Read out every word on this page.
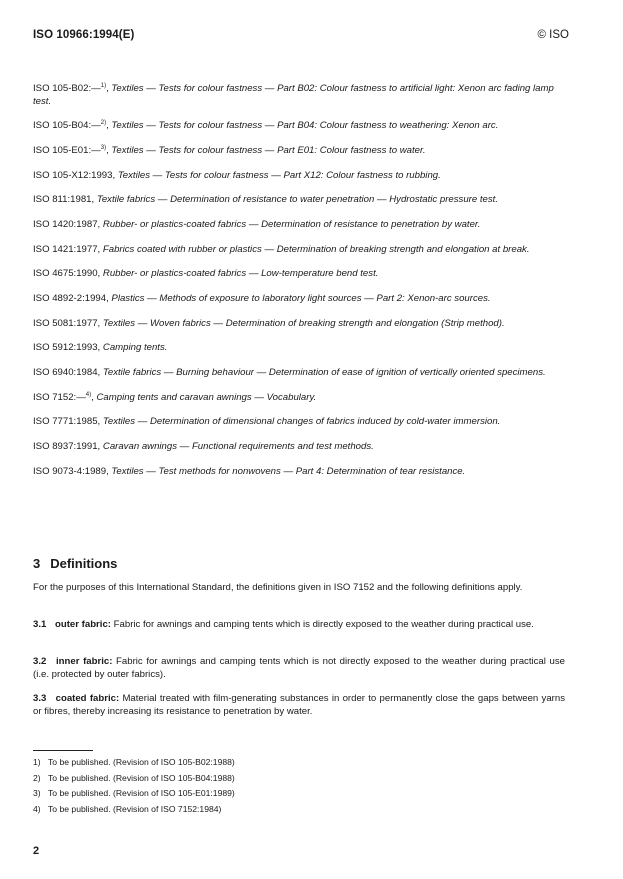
ISO 10966:1994(E)	© ISO

ISO 105-B02:—$^{1)}$, Textiles — Tests for colour fastness — Part B02: Colour fastness to artificial light: Xenon arc fading lamp test.

ISO 105-B04:—$^{2)}$, Textiles — Tests for colour fastness — Part B04: Colour fastness to weathering: Xenon arc.

ISO 105-E01:—$^{3)}$, Textiles — Tests for colour fastness — Part E01: Colour fastness to water.

ISO 105-X12:1993, Textiles — Tests for colour fastness — Part X12: Colour fastness to rubbing.

ISO 811:1981, Textile fabrics — Determination of resistance to water penetration — Hydrostatic pressure test.

ISO 1420:1987, Rubber- or plastics-coated fabrics — Determination of resistance to penetration by water.

ISO 1421:1977, Fabrics coated with rubber or plastics — Determination of breaking strength and elongation at break.

ISO 4675:1990, Rubber- or plastics-coated fabrics — Low-temperature bend test.

ISO 4892-2:1994, Plastics — Methods of exposure to laboratory light sources — Part 2: Xenon-arc sources.

ISO 5081:1977, Textiles — Woven fabrics — Determination of breaking strength and elongation (Strip method).

ISO 5912:1993, Camping tents.

ISO 6940:1984, Textile fabrics — Burning behaviour — Determination of ease of ignition of vertically oriented specimens.

ISO 7152:—$^{4)}$, Camping tents and caravan awnings — Vocabulary.

ISO 7771:1985, Textiles — Determination of dimensional changes of fabrics induced by cold-water immersion.

ISO 8937:1991, Caravan awnings — Functional requirements and test methods.

ISO 9073-4:1989, Textiles — Test methods for nonwovens — Part 4: Determination of tear resistance.

3 Definitions
For the purposes of this International Standard, the definitions given in ISO 7152 and the following definitions apply.
3.1 outer fabric: Fabric for awnings and camping tents which is directly exposed to the weather during practical use.
3.2 inner fabric: Fabric for awnings and camping tents which is not directly exposed to the weather during practical use (i.e. protected by outer fabrics).
3.3 coated fabric: Material treated with film-generating substances in order to permanently close the gaps between yarns or fibres, thereby increasing its resistance to penetration by water.
1) To be published. (Revision of ISO 105-B02:1988)
2) To be published. (Revision of ISO 105-B04:1988)
3) To be published. (Revision of ISO 105-E01:1989)
4) To be published. (Revision of ISO 7152:1984)
2
